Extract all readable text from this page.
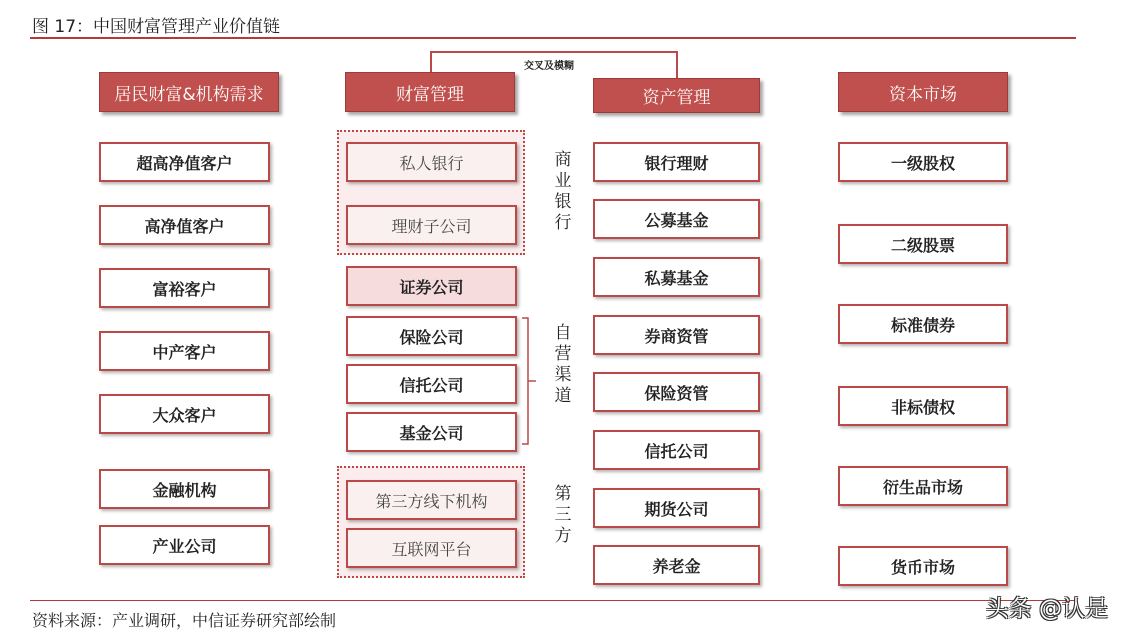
图 17：中国财富管理产业价值链
交叉及模糊
居民财富&机构需求	财富管理	资产管理	资本市场
超高净值客户
高净值客户
富裕客户
中产客户
大众客户
金融机构
产业公司
私人银行
理财子公司
证券公司
保险公司
信托公司
基金公司
第三方线下机构
互联网平台
商
业
银
行
自
营
渠
道
第
三
方
银行理财
公募基金
私募基金
券商资管
保险资管
信托公司
期货公司
养老金
一级股权
二级股票
标准债券
非标债权
衍生品市场
货币市场
资料来源：产业调研，中信证券研究部绘制	头条 @认是
